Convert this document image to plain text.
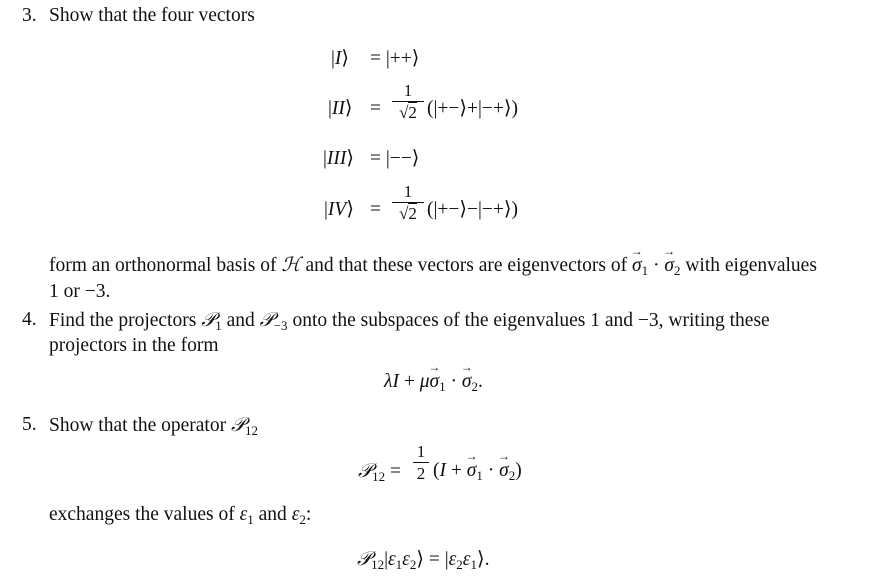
3. Show that the four vectors
|I⟩ = |++⟩
|II⟩ =
1
√2 (|+−⟩+|−+⟩)
|III⟩ = |−−⟩
|IV⟩ =
1
√2 (|+−⟩−|−+⟩)
form an orthonormal basis of ℋ and that these vectors are eigenvectors of $\sigma \to_1 \cdot \sigma \to_2$ with eigenvalues
1 or −3.
4. Find the projectors 𝒫$_1$ and 𝒫$_{-3}$ onto the subspaces of the eigenvalues 1 and −3, writing these
projectors in the form
$\lambda I + \mu\sigma \to_1 \cdot \sigma \to_2$.
5. Show that the operator 𝒫$_{12}$
𝒫$_{12}$ =
1
2 $(I + \sigma \to_1 \cdot \sigma \to_2)$
exchanges the values of $\varepsilon_1$ and $\varepsilon_2$:
$𝒫_{12}|\varepsilon_1\varepsilon_2⟩$ = $|\varepsilon_2\varepsilon_1⟩$.
